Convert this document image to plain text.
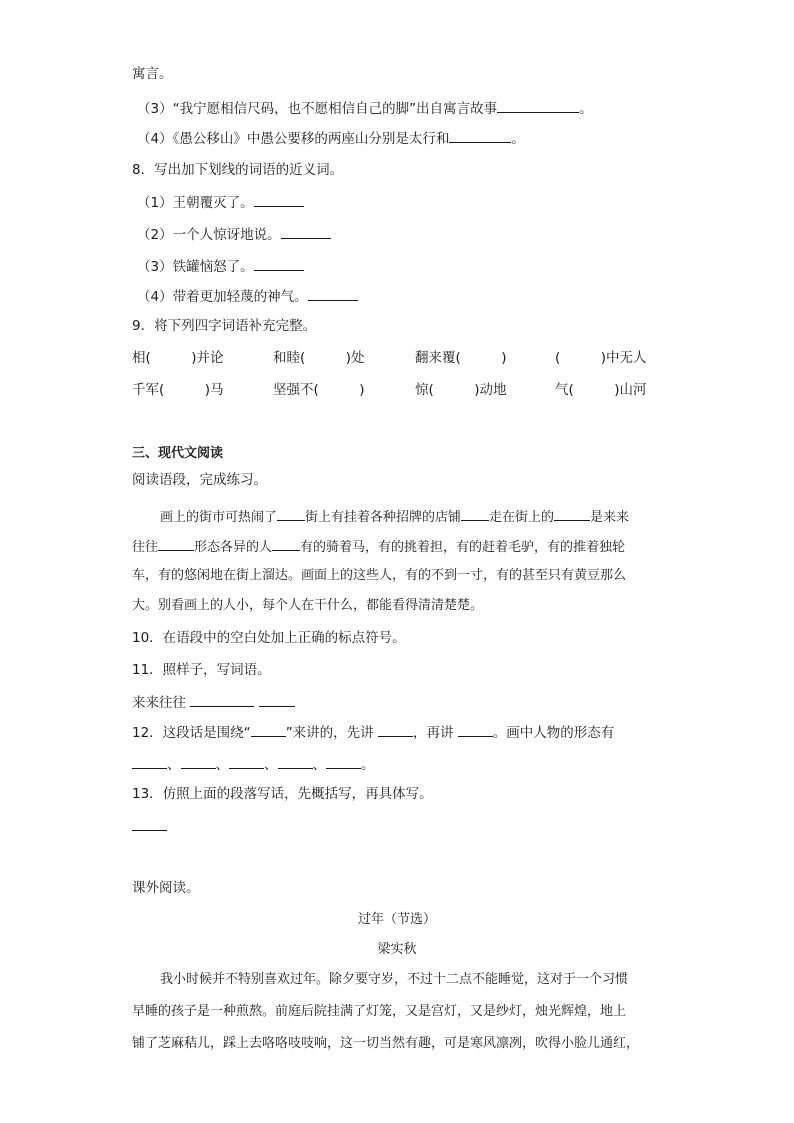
寓言。
（3）“我宁愿相信尺码，也不愿相信自己的脚”出自寓言故事	。
（4）《愚公移山》中愚公要移的两座山分别是太行和	。
8．写出加下划线的词语的近义词。
（1）王朝覆灭了。
（2）一个人惊讶地说。
（3）铁罐恼怒了。
（4）带着更加轻蔑的神气。
9．将下列四字词语补充完整。
相(　　　)并论	和睦(　　　)处	翻来覆(　　　)	(　　　)中无人
千军(　　　)马	坚强不(　　　)	惊(　　　)动地	气(　　　)山河
三、现代文阅读
阅读语段，完成练习。
画上的街市可热闹了 街上有挂着各种招牌的店铺 走在街上的	是来来
往往	形态各异的人 有的骑着马，有的挑着担，有的赶着毛驴，有的推着独轮
车，有的悠闲地在街上溜达。画面上的这些人，有的不到一寸，有的甚至只有黄豆那么
大。别看画上的人小，每个人在干什么，都能看得清清楚楚。
10．在语段中的空白处加上正确的标点符号。
11．照样子，写词语。
来来往往
12．这段话是围绕“	”来讲的，先讲	，再讲	。画中人物的形态有
、	、	、	、	。
13．仿照上面的段落写话，先概括写，再具体写。
课外阅读。
过年（节选）
梁实秋
我小时候并不特别喜欢过年。除夕要守岁，不过十二点不能睡觉，这对于一个习惯
早睡的孩子是一种煎熬。前庭后院挂满了灯笼，又是宫灯，又是纱灯，烛光辉煌，地上
铺了芝麻秸儿，踩上去咯咯吱吱响，这一切当然有趣，可是寒风凛冽，吹得小脸儿通红，
